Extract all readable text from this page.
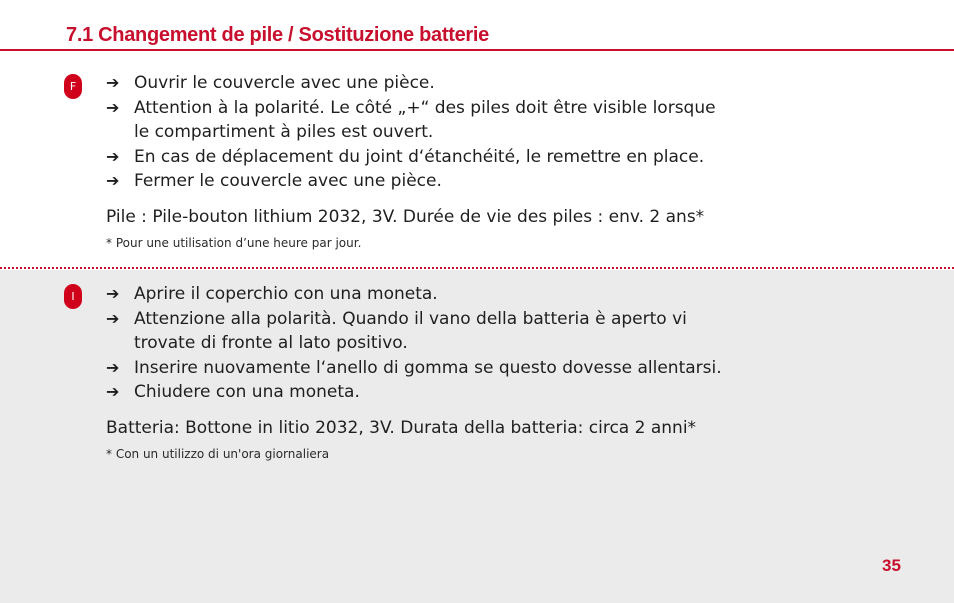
7.1 Changement de pile / Sostituzione batterie
F	➔ Ouvrir le couvercle avec une pièce.
➔ Attention à la polarité. Le côté „+“ des piles doit être visible lorsque
le compartiment à piles est ouvert.
➔ En cas de déplacement du joint d‘étanchéité, le remettre en place.
➔ Fermer le couvercle avec une pièce.
Pile : Pile-bouton lithium 2032, 3V. Durée de vie des piles : env. 2 ans*
* Pour une utilisation d’une heure par jour.
I	➔ Aprire il coperchio con una moneta.
➔ Attenzione alla polarità. Quando il vano della batteria è aperto vi
trovate di fronte al lato positivo.
➔ Inserire nuovamente l‘anello di gomma se questo dovesse allentarsi.
➔ Chiudere con una moneta.
Batteria: Bottone in litio 2032, 3V. Durata della batteria: circa 2 anni*
* Con un utilizzo di un'ora giornaliera
35
